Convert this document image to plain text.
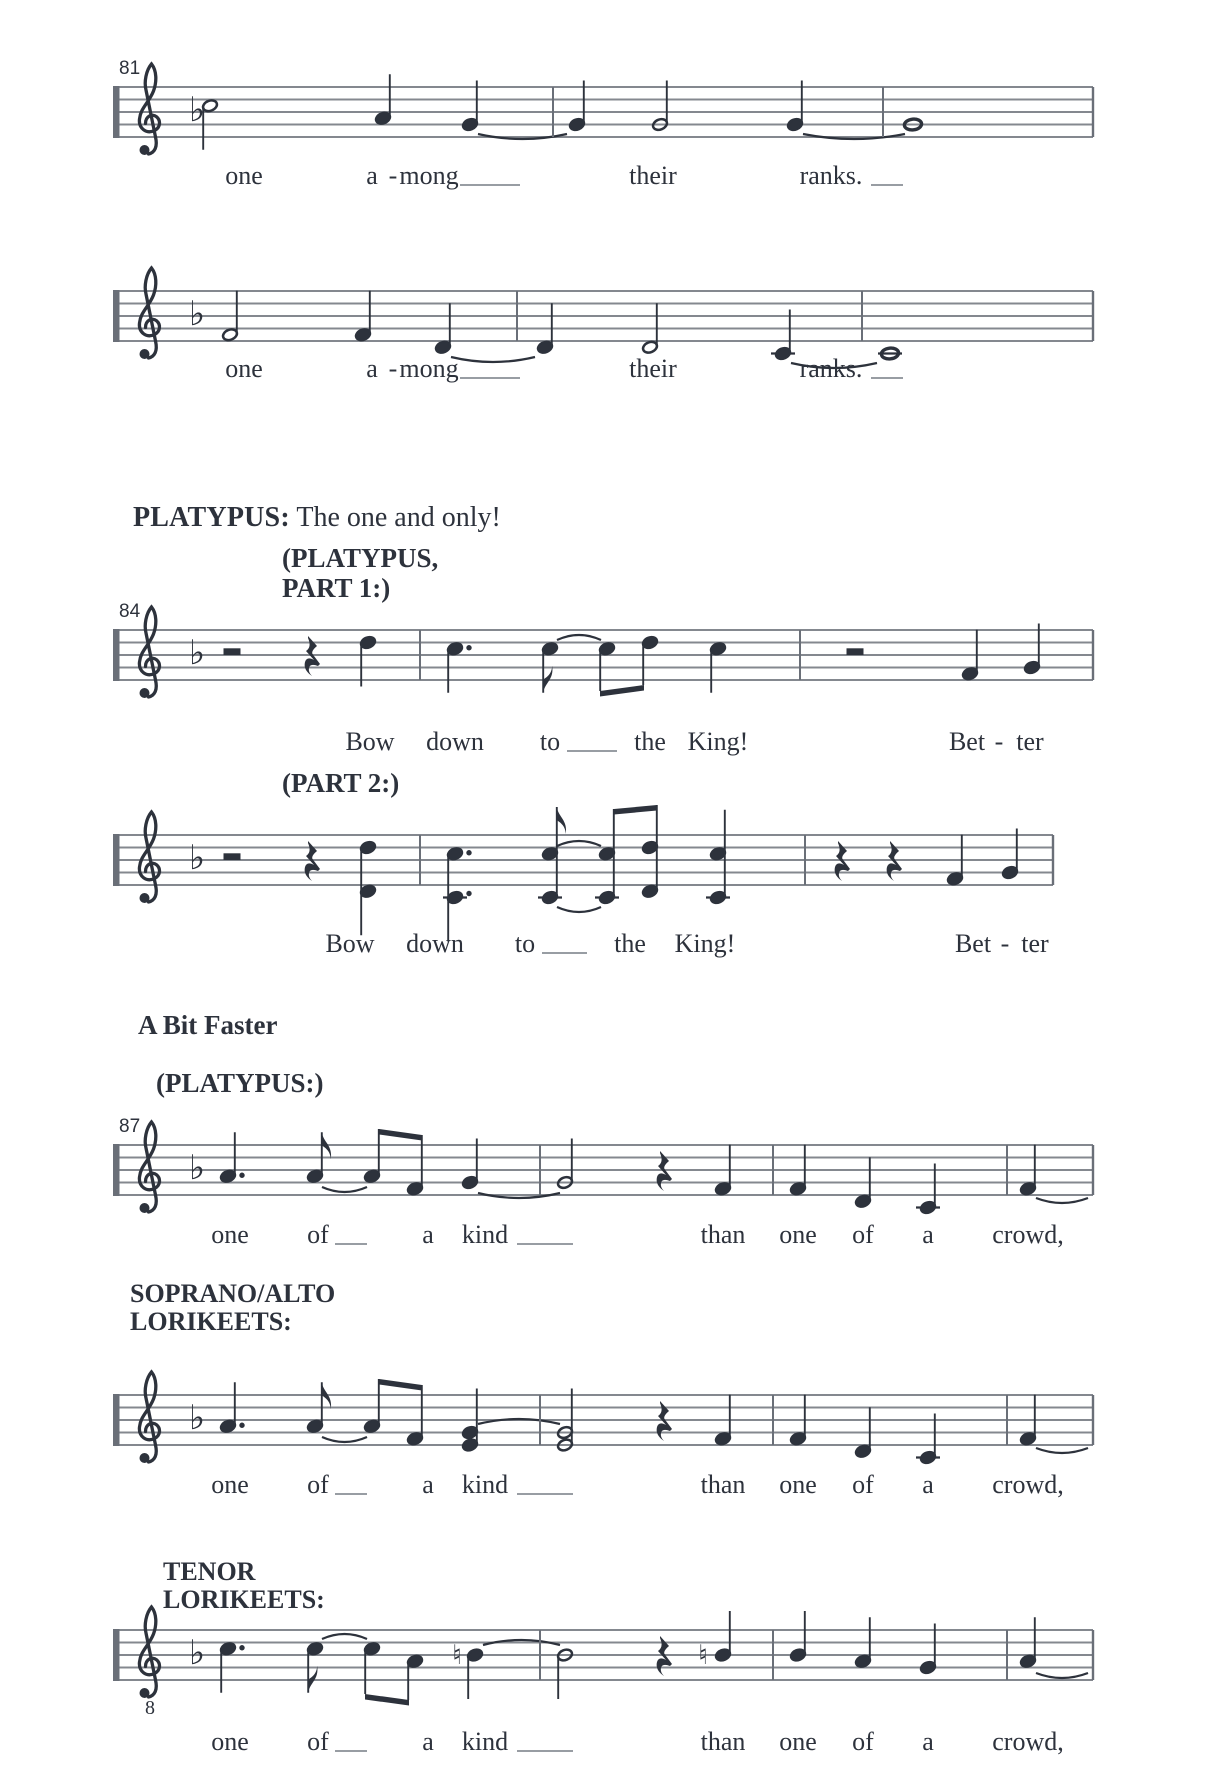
PLATYPUS: The one and only!
(PLATYPUS,
PART 1:)
(PART 2:)
A Bit Faster
(PLATYPUS:)
SOPRANO/ALTO
LORIKEETS:
TENOR
LORIKEETS:
81
♭
one	a - mong	their	ranks.
♭
one	a - mong	their	ranks.
84
♭
Bow down to	the King!	Bet - ter
♭
Bow down to	the King!	Bet - ter
87
♭
one of	a kind	than one of a crowd,
♭
one of	a kind	than one of a crowd,
8
♭	♮	♮
one of	a kind	than one of a crowd,
